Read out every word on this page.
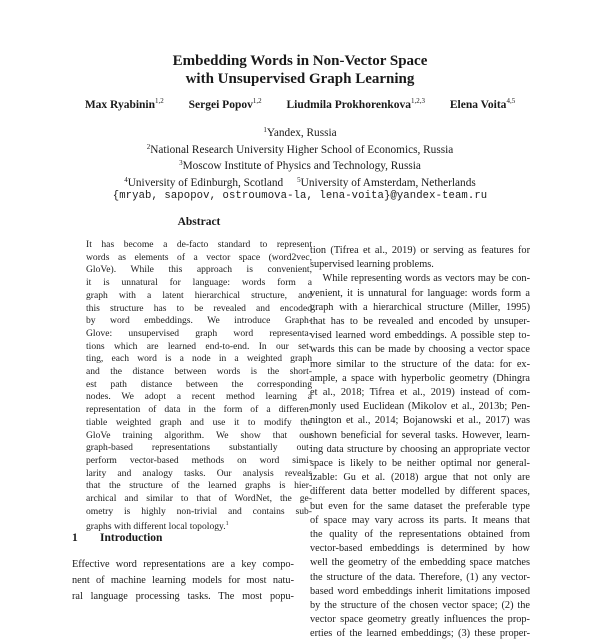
Embedding Words in Non-Vector Space
with Unsupervised Graph Learning
Max Ryabinin$^{1,2}$ Sergei Popov$^{1,2}$ Liudmila Prokhorenkova$^{1,2,3}$ Elena Voita$^{4,5}$
$^1$Yandex, Russia
$^2$National Research University Higher School of Economics, Russia
$^3$Moscow Institute of Physics and Technology, Russia
$^4$University of Edinburgh, Scotland $^5$University of Amsterdam, Netherlands
{mryab, sapopov, ostroumova-la, lena-voita}@yandex-team.ru
Abstract
It has become a de-facto standard to represent
words as elements of a vector space (word2vec,
GloVe). While this approach is convenient,
it is unnatural for language: words form a
graph with a latent hierarchical structure, and
this structure has to be revealed and encoded
by word embeddings. We introduce Graph-
Glove: unsupervised graph word representa-
tions which are learned end-to-end. In our set-
ting, each word is a node in a weighted graph
and the distance between words is the short-
est path distance between the corresponding
nodes. We adopt a recent method learning a
representation of data in the form of a differen-
tiable weighted graph and use it to modify the
GloVe training algorithm. We show that our
graph-based representations substantially out-
perform vector-based methods on word simi-
larity and analogy tasks. Our analysis reveals
that the structure of the learned graphs is hier-
archical and similar to that of WordNet, the ge-
ometry is highly non-trivial and contains sub-
graphs with different local topology.$^1$
1 Introduction
Effective word representations are a key compo-
nent of machine learning models for most natu-
ral language processing tasks. The most popu-
tion (Tifrea et al., 2019) or serving as features for
supervised learning problems.
While representing words as vectors may be con-
venient, it is unnatural for language: words form a
graph with a hierarchical structure (Miller, 1995)
that has to be revealed and encoded by unsuper-
vised learned word embeddings. A possible step to-
wards this can be made by choosing a vector space
more similar to the structure of the data: for ex-
ample, a space with hyperbolic geometry (Dhingra
et al., 2018; Tifrea et al., 2019) instead of com-
monly used Euclidean (Mikolov et al., 2013b; Pen-
nington et al., 2014; Bojanowski et al., 2017) was
shown beneficial for several tasks. However, learn-
ing data structure by choosing an appropriate vector
space is likely to be neither optimal nor general-
izable: Gu et al. (2018) argue that not only are
different data better modelled by different spaces,
but even for the same dataset the preferable type
of space may vary across its parts. It means that
the quality of the representations obtained from
vector-based embeddings is determined by how
well the geometry of the embedding space matches
the structure of the data. Therefore, (1) any vector-
based word embeddings inherit limitations imposed
by the structure of the chosen vector space; (2) the
vector space geometry greatly influences the prop-
erties of the learned embeddings; (3) these proper-
